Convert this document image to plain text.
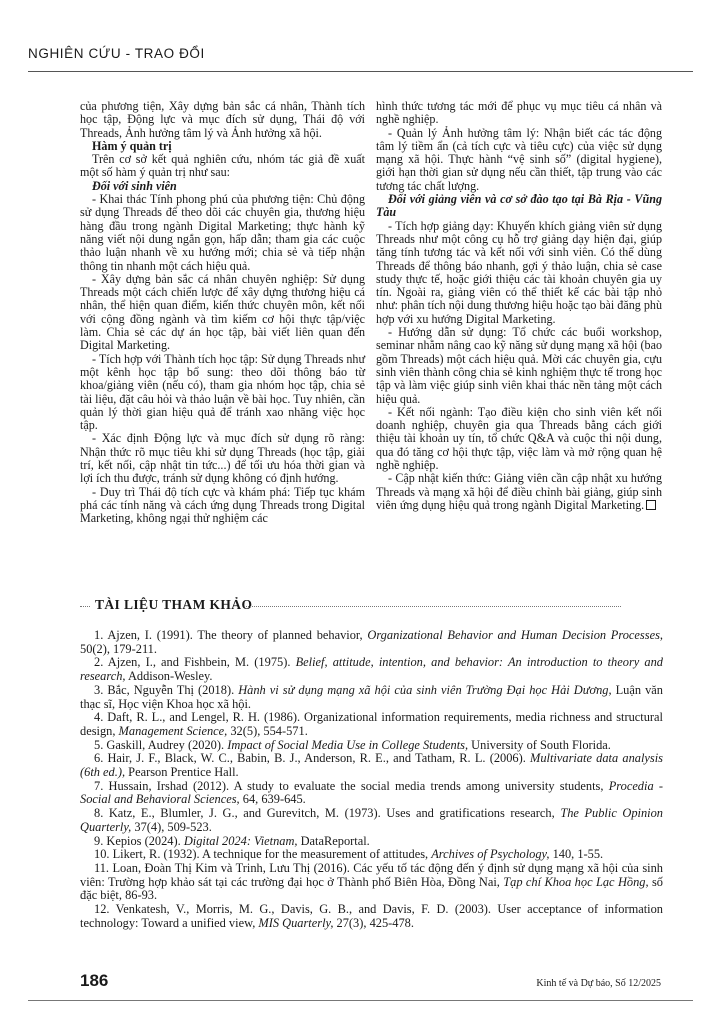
NGHIÊN CỨU - TRAO ĐỔI

của phương tiện, Xây dựng bản sắc cá nhân, Thành tích học tập, Động lực và mục đích sử dụng, Thái độ với Threads, Ảnh hưởng tâm lý và Ảnh hưởng xã hội.

Hàm ý quản trị

Trên cơ sở kết quả nghiên cứu, nhóm tác giả đề xuất một số hàm ý quản trị như sau:

Đối với sinh viên

- Khai thác Tính phong phú của phương tiện: Chủ động sử dụng Threads để theo dõi các chuyên gia, thương hiệu hàng đầu trong ngành Digital Marketing; thực hành kỹ năng viết nội dung ngắn gọn, hấp dẫn; tham gia các cuộc thảo luận nhanh về xu hướng mới; chia sẻ và tiếp nhận thông tin nhanh một cách hiệu quả.

- Xây dựng bản sắc cá nhân chuyên nghiệp: Sử dụng Threads một cách chiến lược để xây dựng thương hiệu cá nhân, thể hiện quan điểm, kiến thức chuyên môn, kết nối với cộng đồng ngành và tìm kiếm cơ hội thực tập/việc làm. Chia sẻ các dự án học tập, bài viết liên quan đến Digital Marketing.

- Tích hợp với Thành tích học tập: Sử dụng Threads như một kênh học tập bổ sung: theo dõi thông báo từ khoa/giảng viên (nếu có), tham gia nhóm học tập, chia sẻ tài liệu, đặt câu hỏi và thảo luận về bài học. Tuy nhiên, cần quản lý thời gian hiệu quả để tránh xao nhãng việc học tập.

- Xác định Động lực và mục đích sử dụng rõ ràng: Nhận thức rõ mục tiêu khi sử dụng Threads (học tập, giải trí, kết nối, cập nhật tin tức...) để tối ưu hóa thời gian và lợi ích thu được, tránh sử dụng không có định hướng.

- Duy trì Thái độ tích cực và khám phá: Tiếp tục khám phá các tính năng và cách ứng dụng Threads trong Digital Marketing, không ngại thử nghiệm các

hình thức tương tác mới để phục vụ mục tiêu cá nhân và nghề nghiệp.

- Quản lý Ảnh hưởng tâm lý: Nhận biết các tác động tâm lý tiềm ẩn (cả tích cực và tiêu cực) của việc sử dụng mạng xã hội. Thực hành “vệ sinh số” (digital hygiene), giới hạn thời gian sử dụng nếu cần thiết, tập trung vào các tương tác chất lượng.

Đối với giảng viên và cơ sở đào tạo tại Bà Rịa - Vũng Tàu

- Tích hợp giảng dạy: Khuyến khích giảng viên sử dụng Threads như một công cụ hỗ trợ giảng dạy hiện đại, giúp tăng tính tương tác và kết nối với sinh viên. Có thể dùng Threads để thông báo nhanh, gợi ý thảo luận, chia sẻ case study thực tế, hoặc giới thiệu các tài khoản chuyên gia uy tín. Ngoài ra, giảng viên có thể thiết kế các bài tập nhỏ như: phân tích nội dung thương hiệu hoặc tạo bài đăng phù hợp với xu hướng Digital Marketing.

- Hướng dẫn sử dụng: Tổ chức các buổi workshop, seminar nhằm nâng cao kỹ năng sử dụng mạng xã hội (bao gồm Threads) một cách hiệu quả. Mời các chuyên gia, cựu sinh viên thành công chia sẻ kinh nghiệm thực tế trong học tập và làm việc giúp sinh viên khai thác nền tảng một cách hiệu quả.

- Kết nối ngành: Tạo điều kiện cho sinh viên kết nối doanh nghiệp, chuyên gia qua Threads bằng cách giới thiệu tài khoản uy tín, tổ chức Q&A và cuộc thi nội dung, qua đó tăng cơ hội thực tập, việc làm và mở rộng quan hệ nghề nghiệp.

- Cập nhật kiến thức: Giảng viên cần cập nhật xu hướng Threads và mạng xã hội để điều chỉnh bài giảng, giúp sinh viên ứng dụng hiệu quả trong ngành Digital Marketing.

TÀI LIỆU THAM KHẢO

1. Ajzen, I. (1991). The theory of planned behavior, Organizational Behavior and Human Decision Processes, 50(2), 179-211.

2. Ajzen, I., and Fishbein, M. (1975). Belief, attitude, intention, and behavior: An introduction to theory and research, Addison-Wesley.

3. Bắc, Nguyễn Thị (2018). Hành vi sử dụng mạng xã hội của sinh viên Trường Đại học Hải Dương, Luận văn thạc sĩ, Học viện Khoa học xã hội.

4. Daft, R. L., and Lengel, R. H. (1986). Organizational information requirements, media richness and structural design, Management Science, 32(5), 554-571.

5. Gaskill, Audrey (2020). Impact of Social Media Use in College Students, University of South Florida.

6. Hair, J. F., Black, W. C., Babin, B. J., Anderson, R. E., and Tatham, R. L. (2006). Multivariate data analysis (6th ed.), Pearson Prentice Hall.

7. Hussain, Irshad (2012). A study to evaluate the social media trends among university students, Procedia - Social and Behavioral Sciences, 64, 639-645.

8. Katz, E., Blumler, J. G., and Gurevitch, M. (1973). Uses and gratifications research, The Public Opinion Quarterly, 37(4), 509-523.

9. Kepios (2024). Digital 2024: Vietnam, DataReportal.

10. Likert, R. (1932). A technique for the measurement of attitudes, Archives of Psychology, 140, 1-55.

11. Loan, Đoàn Thị Kim và Trinh, Lưu Thị (2016). Các yếu tố tác động đến ý định sử dụng mạng xã hội của sinh viên: Trường hợp khảo sát tại các trường đại học ở Thành phố Biên Hòa, Đồng Nai, Tạp chí Khoa học Lạc Hồng, số đặc biệt, 86-93.

12. Venkatesh, V., Morris, M. G., Davis, G. B., and Davis, F. D. (2003). User acceptance of information technology: Toward a unified view, MIS Quarterly, 27(3), 425-478.

186	Kinh tế và Dự báo, Số 12/2025
